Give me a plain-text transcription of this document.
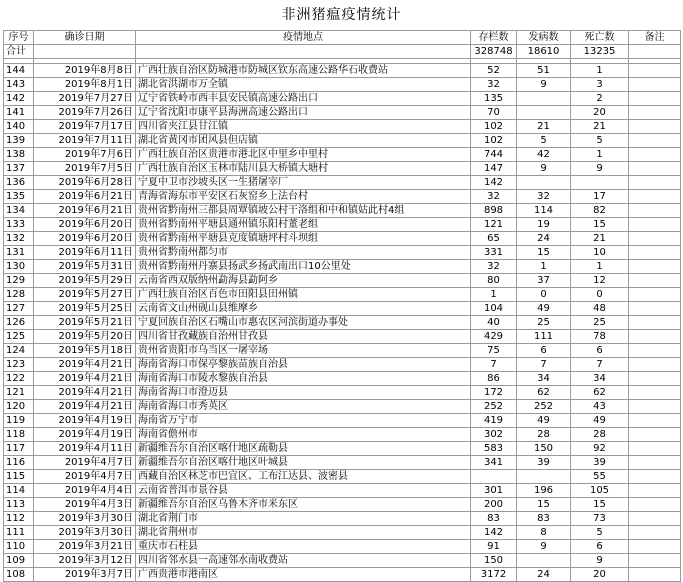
非洲猪瘟疫情统计
序号	确诊日期	疫情地点	存栏数	发病数	死亡数	备注
合计			328748	18610	13235	

144	2019年8月8日	广西壮族自治区防城港市防城区钦东高速公路华石收费站	52	51	1	
143	2019年8月1日	湖北省洪湖市万全镇	32	9	3	
142	2019年7月27日	辽宁省铁岭市西丰县安民镇高速公路出口	135		2	
141	2019年7月26日	辽宁省沈阳市康平县海洲高速公路出口	70		20	
140	2019年7月17日	四川省夹江县甘江镇	102	21	21	
139	2019年7月11日	湖北省黄冈市团风县但店镇	102	5	5	
138	2019年7月6日	广西壮族自治区贵港市港北区中里乡中里村	744	42	1	
137	2019年7月5日	广西壮族自治区玉林市陆川县大桥镇大塘村	147	9	9	
136	2019年6月28日	宁夏中卫市沙坡头区一生猪屠宰厂	142			
135	2019年6月21日	青海省海东市平安区石灰窑乡上法台村	32	32	17	
134	2019年6月21日	贵州省黔南州三都县周覃镇坡公村干洛组和中和镇姑此村4组	898	114	82	
133	2019年6月20日	贵州省黔南州平塘县通州镇乐阳村董老组	121	19	15	
132	2019年6月20日	贵州省黔南州平塘县克度镇塘坪村斗坝组	65	24	21	
131	2019年6月11日	贵州省黔南州都匀市	331	15	10	
130	2019年5月31日	贵州省黔南州丹寨县扬武乡扬武南出口10公里处	32	1	1	
129	2019年5月29日	云南省西双版纳州勐海县勐阿乡	80	37	12	
128	2019年5月27日	广西壮族自治区百色市田阳县田州镇	1	0	0	
127	2019年5月25日	云南省文山州砚山县维摩乡	104	49	48	
126	2019年5月21日	宁夏回族自治区石嘴山市惠农区河滨街道办事处	40	25	25	
125	2019年5月20日	四川省甘孜藏族自治州甘孜县	429	111	78	
124	2019年5月18日	贵州省贵阳市乌当区一屠宰场	75	6	6	
123	2019年4月21日	海南省海口市保亭黎族苗族自治县	7	7	7	
122	2019年4月21日	海南省海口市陵水黎族自治县	86	34	34	
121	2019年4月21日	海南省海口市澄迈县	172	62	62	
120	2019年4月21日	海南省海口市秀英区	252	252	43	
119	2019年4月19日	海南省万宁市	419	49	49	
118	2019年4月19日	海南省儋州市	302	28	28	
117	2019年4月11日	新疆维吾尔自治区喀什地区疏勒县	583	150	92	
116	2019年4月7日	新疆维吾尔自治区喀什地区叶城县	341	39	39	
115	2019年4月7日	西藏自治区林芝市巴宜区、工布江达县、波密县			55	
114	2019年4月4日	云南省普洱市景谷县	301	196	105	
113	2019年4月3日	新疆维吾尔自治区乌鲁木齐市米东区	200	15	15	
112	2019年3月30日	湖北省荆门市	83	83	73	
111	2019年3月30日	湖北省荆州市	142	8	5	
110	2019年3月21日	重庆市石柱县	91	9	6	
109	2019年3月12日	四川省邻水县一高速邻水南收费站	150		9	
108	2019年3月7日	广西贵港市港南区	3172	24	20	
